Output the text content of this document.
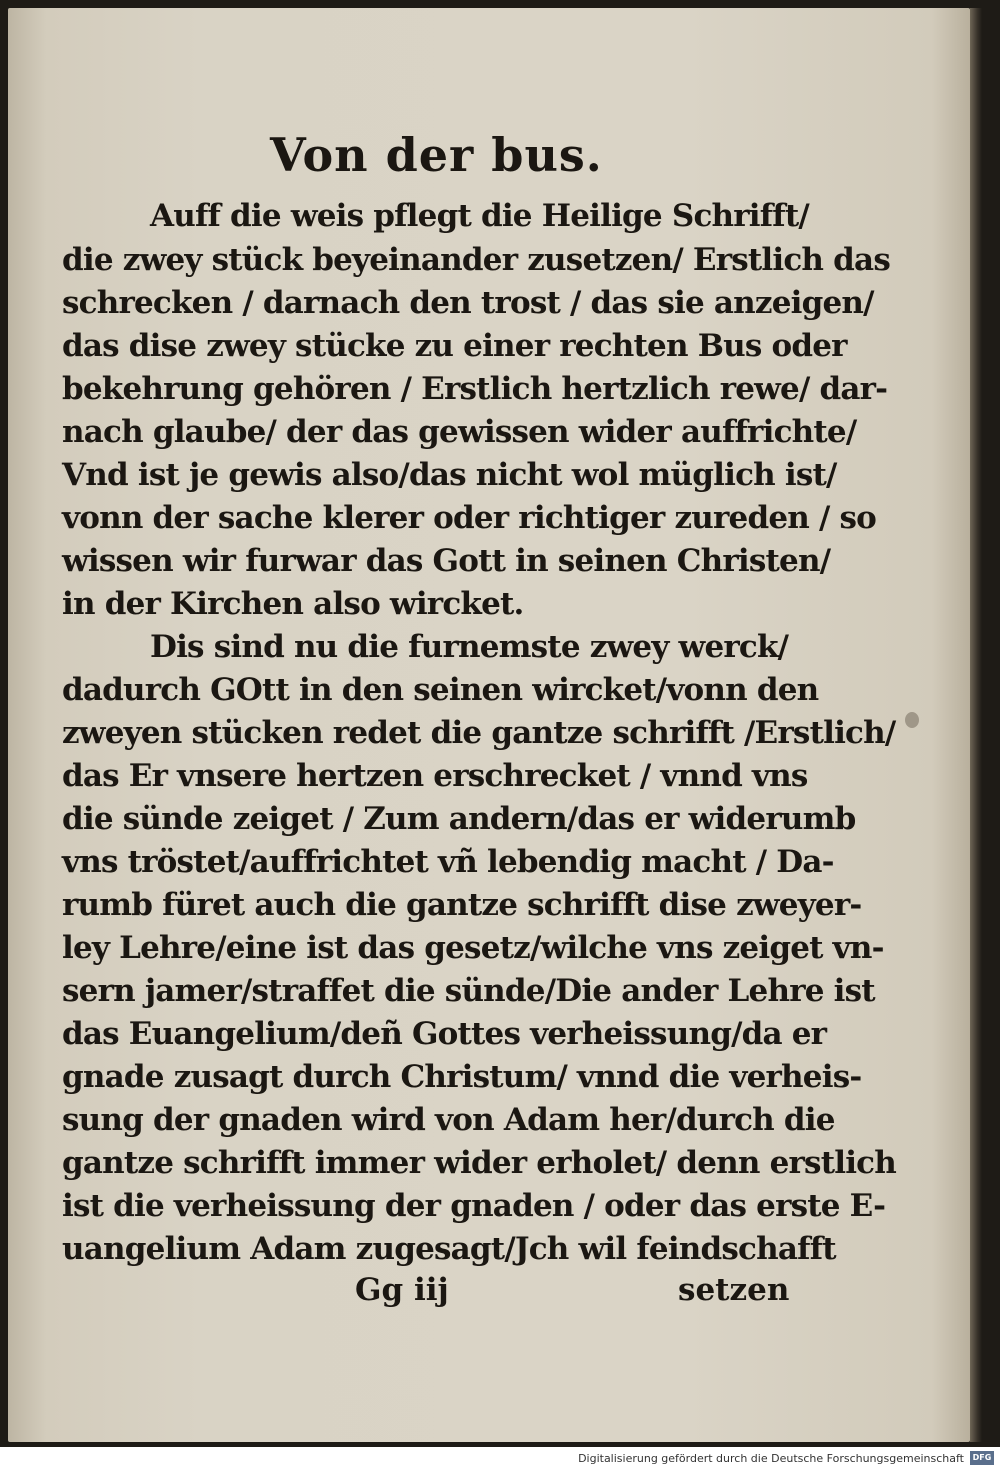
Von der bus.
Auff die weis pflegt die Heilige Schrifft/
die zwey stück beyeinander zusetzen/ Erstlich das
schrecken / darnach den trost / das sie anzeigen/
das dise zwey stücke zu einer rechten Bus oder
bekehrung gehören / Erstlich hertzlich rewe/ dar-
nach glaube/ der das gewissen wider auffrichte/
Vnd ist je gewis also/das nicht wol müglich ist/
vonn der sache klerer oder richtiger zureden / so
wissen wir furwar das Gott in seinen Christen/
in der Kirchen also wircket.
Dis sind nu die furnemste zwey werck/
dadurch GOtt in den seinen wircket/vonn den
zweyen stücken redet die gantze schrifft /Erstlich/
das Er vnsere hertzen erschrecket / vnnd vns
die sünde zeiget / Zum andern/das er widerumb
vns tröstet/auffrichtet vñ lebendig macht / Da-
rumb füret auch die gantze schrifft dise zweyer-
ley Lehre/eine ist das gesetz/wilche vns zeiget vn-
sern jamer/straffet die sünde/Die ander Lehre ist
das Euangelium/deñ Gottes verheissung/da er
gnade zusagt durch Christum/ vnnd die verheis-
sung der gnaden wird von Adam her/durch die
gantze schrifft immer wider erholet/ denn erstlich
ist die verheissung der gnaden / oder das erste E-
uangelium Adam zugesagt/Jch wil feindschafft
Gg iij	setzen
Digitalisierung gefördert durch die Deutsche Forschungsgemeinschaft	DFG
